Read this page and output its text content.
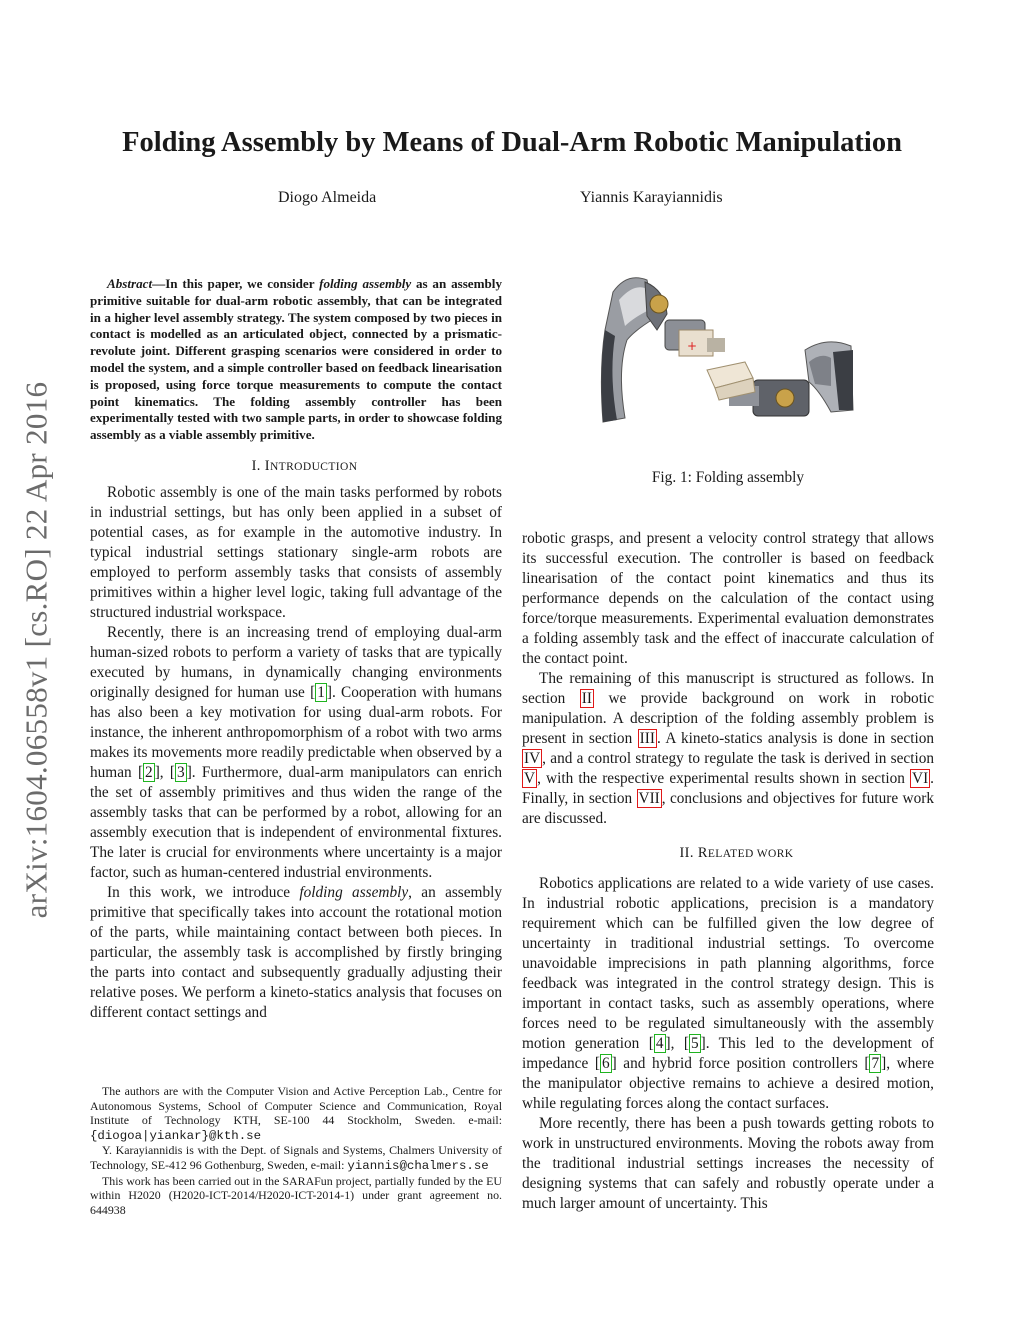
arXiv:1604.06558v1 [cs.RO] 22 Apr 2016
Folding Assembly by Means of Dual-Arm Robotic Manipulation
Diogo Almeida	Yiannis Karayiannidis

Abstract—In this paper, we consider folding assembly as an assembly primitive suitable for dual-arm robotic assembly, that can be integrated in a higher level assembly strategy. The system composed by two pieces in contact is modelled as an articulated object, connected by a prismatic-revolute joint. Different grasping scenarios were considered in order to model the system, and a simple controller based on feedback linearisation is proposed, using force torque measurements to compute the contact point kinematics. The folding assembly controller has been experimentally tested with two sample parts, in order to showcase folding assembly as a viable assembly primitive.

I. INTRODUCTION

Robotic assembly is one of the main tasks performed by robots in industrial settings, but has only been applied in a subset of potential cases, as for example in the automotive industry. In typical industrial settings stationary single-arm robots are employed to perform assembly tasks that consists of assembly primitives within a higher level logic, taking full advantage of the structured industrial workspace.

Recently, there is an increasing trend of employing dual-arm human-sized robots to perform a variety of tasks that are typically executed by humans, in dynamically changing environments originally designed for human use [ 1 ]. Cooperation with humans has also been a key motivation for using dual-arm robots. For instance, the inherent anthropomorphism of a robot with two arms makes its movements more readily predictable when observed by a human [ 2 ], [ 3 ]. Furthermore, dual-arm manipulators can enrich the set of assembly primitives and thus widen the range of the assembly tasks that can be performed by a robot, allowing for an assembly execution that is independent of environmental fixtures. The later is crucial for environments where uncertainty is a major factor, such as human-centered industrial environments.

In this work, we introduce folding assembly, an assembly primitive that specifically takes into account the rotational motion of the parts, while maintaining contact between both pieces. In particular, the assembly task is accomplished by firstly bringing the parts into contact and subsequently gradually adjusting their relative poses. We perform a kineto-statics analysis that focuses on different contact settings and

The authors are with the Computer Vision and Active Perception Lab., Centre for Autonomous Systems, School of Computer Science and Communication, Royal Institute of Technology KTH, SE-100 44 Stockholm, Sweden. e-mail: {diogoa|yiankar}@kth.se

Y. Karayiannidis is with the Dept. of Signals and Systems, Chalmers University of Technology, SE-412 96 Gothenburg, Sweden, e-mail: yiannis@chalmers.se

This work has been carried out in the SARAFun project, partially funded by the EU within H2020 (H2020-ICT-2014/H2020-ICT-2014-1) under grant agreement no. 644938

+
Fig. 1: Folding assembly

robotic grasps, and present a velocity control strategy that allows its successful execution. The controller is based on feedback linearisation of the contact point kinematics and thus its performance depends on the calculation of the contact using force/torque measurements. Experimental evaluation demonstrates a folding assembly task and the effect of inaccurate calculation of the contact point.

The remaining of this manuscript is structured as follows. In section II we provide background on work in robotic manipulation. A description of the folding assembly problem is present in section III . A kineto-statics analysis is done in section IV , and a control strategy to regulate the task is derived in section V , with the respective experimental results shown in section VI . Finally, in section VII , conclusions and objectives for future work are discussed.

II. RELATED WORK

Robotics applications are related to a wide variety of use cases. In industrial robotic applications, precision is a mandatory requirement which can be fulfilled given the low degree of uncertainty in traditional industrial settings. To overcome unavoidable imprecisions in path planning algorithms, force feedback was integrated in the control strategy design. This is important in contact tasks, such as assembly operations, where forces need to be regulated simultaneously with the assembly motion generation [ 4 ], [ 5 ]. This led to the development of impedance [ 6 ] and hybrid force position controllers [ 7 ], where the manipulator objective remains to achieve a desired motion, while regulating forces along the contact surfaces.

More recently, there has been a push towards getting robots to work in unstructured environments. Moving the robots away from the traditional industrial settings increases the necessity of designing systems that can safely and robustly operate under a much larger amount of uncertainty. This
